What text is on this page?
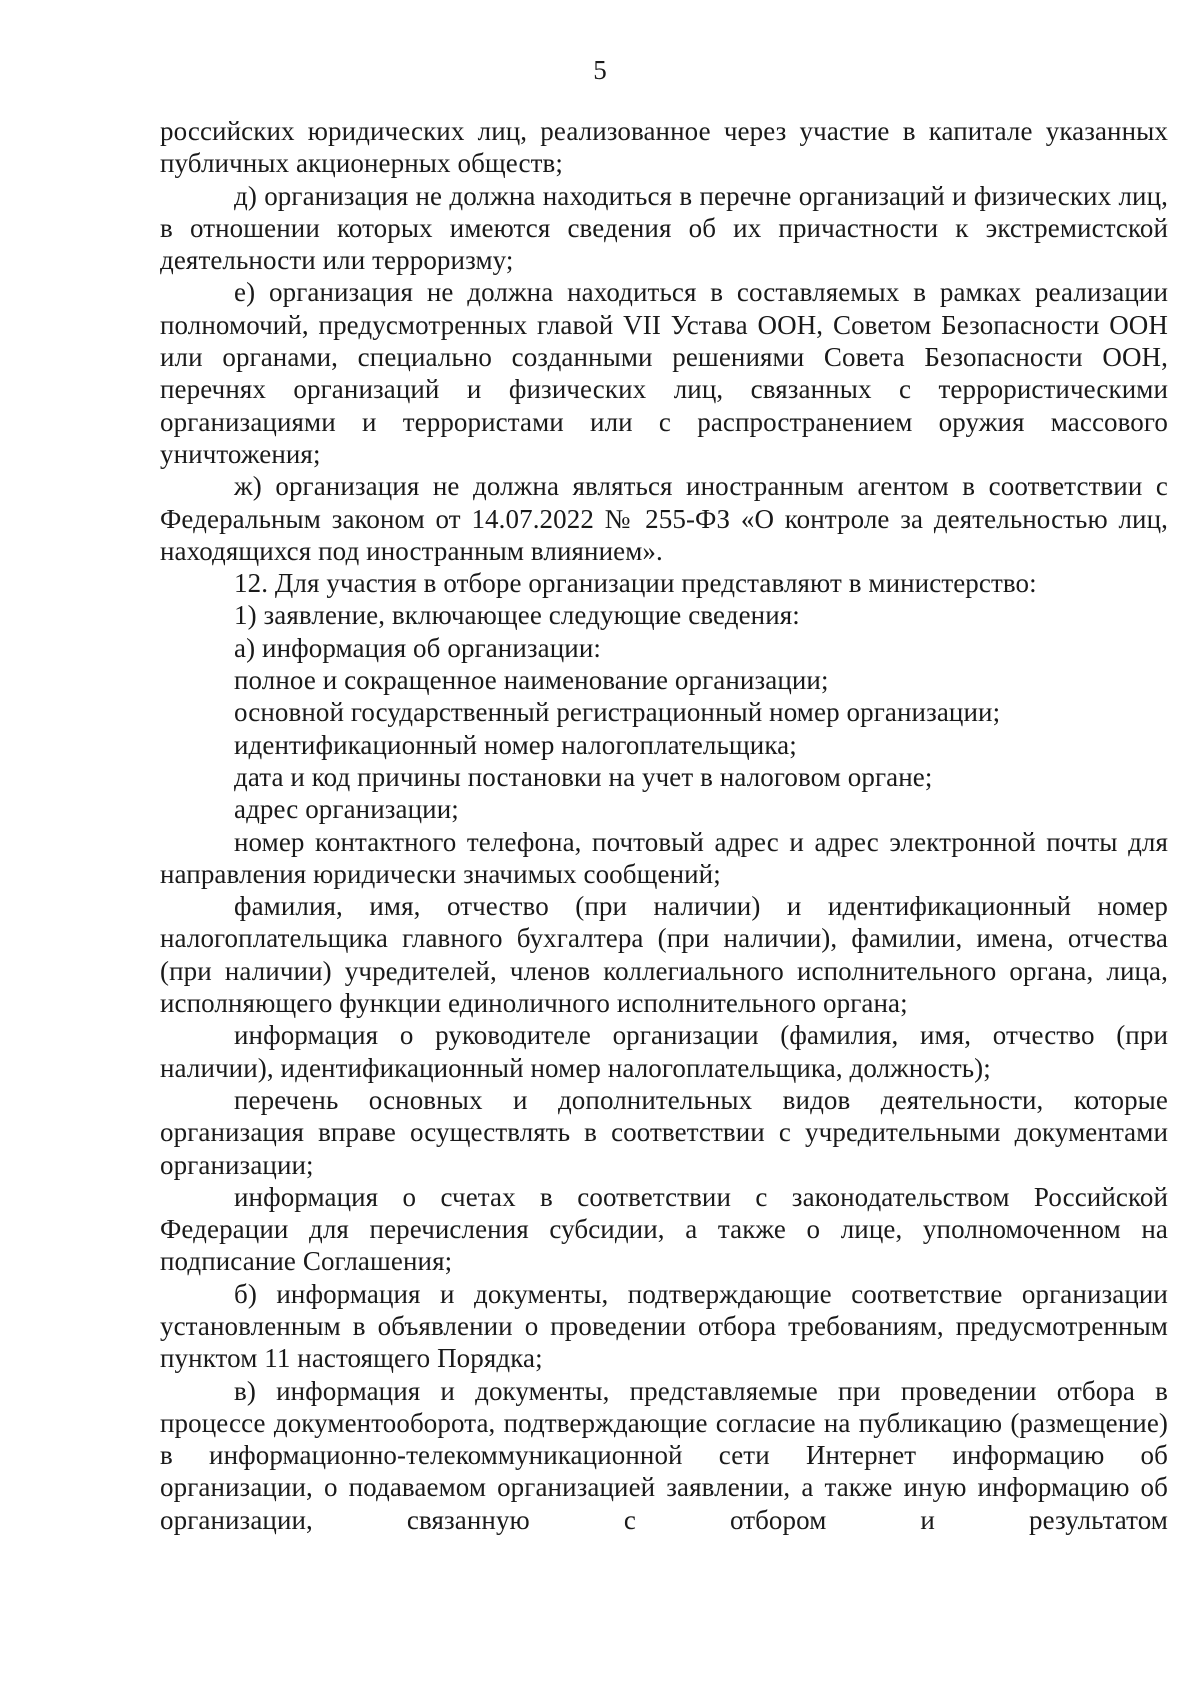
5

российских юридических лиц, реализованное через участие в капитале указанных публичных акционерных обществ;

д) организация не должна находиться в перечне организаций и физических лиц, в отношении которых имеются сведения об их причастности к экстремистской деятельности или терроризму;

е) организация не должна находиться в составляемых в рамках реализации полномочий, предусмотренных главой VII Устава ООН, Советом Безопасности ООН или органами, специально созданными решениями Совета Безопасности ООН, перечнях организаций и физических лиц, связанных с террористическими организациями и террористами или с распространением оружия массового уничтожения;

ж) организация не должна являться иностранным агентом в соответствии с Федеральным законом от 14.07.2022 № 255-ФЗ «О контроле за деятельностью лиц, находящихся под иностранным влиянием».

12. Для участия в отборе организации представляют в министерство:

1) заявление, включающее следующие сведения:

а) информация об организации:

полное и сокращенное наименование организации;

основной государственный регистрационный номер организации;

идентификационный номер налогоплательщика;

дата и код причины постановки на учет в налоговом органе;

адрес организации;

номер контактного телефона, почтовый адрес и адрес электронной почты для направления юридически значимых сообщений;

фамилия, имя, отчество (при наличии) и идентификационный номер налогоплательщика главного бухгалтера (при наличии), фамилии, имена, отчества (при наличии) учредителей, членов коллегиального исполнительного органа, лица, исполняющего функции единоличного исполнительного органа;

информация о руководителе организации (фамилия, имя, отчество (при наличии), идентификационный номер налогоплательщика, должность);

перечень основных и дополнительных видов деятельности, которые организация вправе осуществлять в соответствии с учредительными документами организации;

информация о счетах в соответствии с законодательством Российской Федерации для перечисления субсидии, а также о лице, уполномоченном на подписание Соглашения;

б) информация и документы, подтверждающие соответствие организации установленным в объявлении о проведении отбора требованиям, предусмотренным пунктом 11 настоящего Порядка;

в) информация и документы, представляемые при проведении отбора в процессе документооборота, подтверждающие согласие на публикацию (размещение) в информационно-телекоммуникационной сети Интернет информацию об организации, о подаваемом организацией заявлении, а также иную информацию об организации, связанную с отбором и результатом
